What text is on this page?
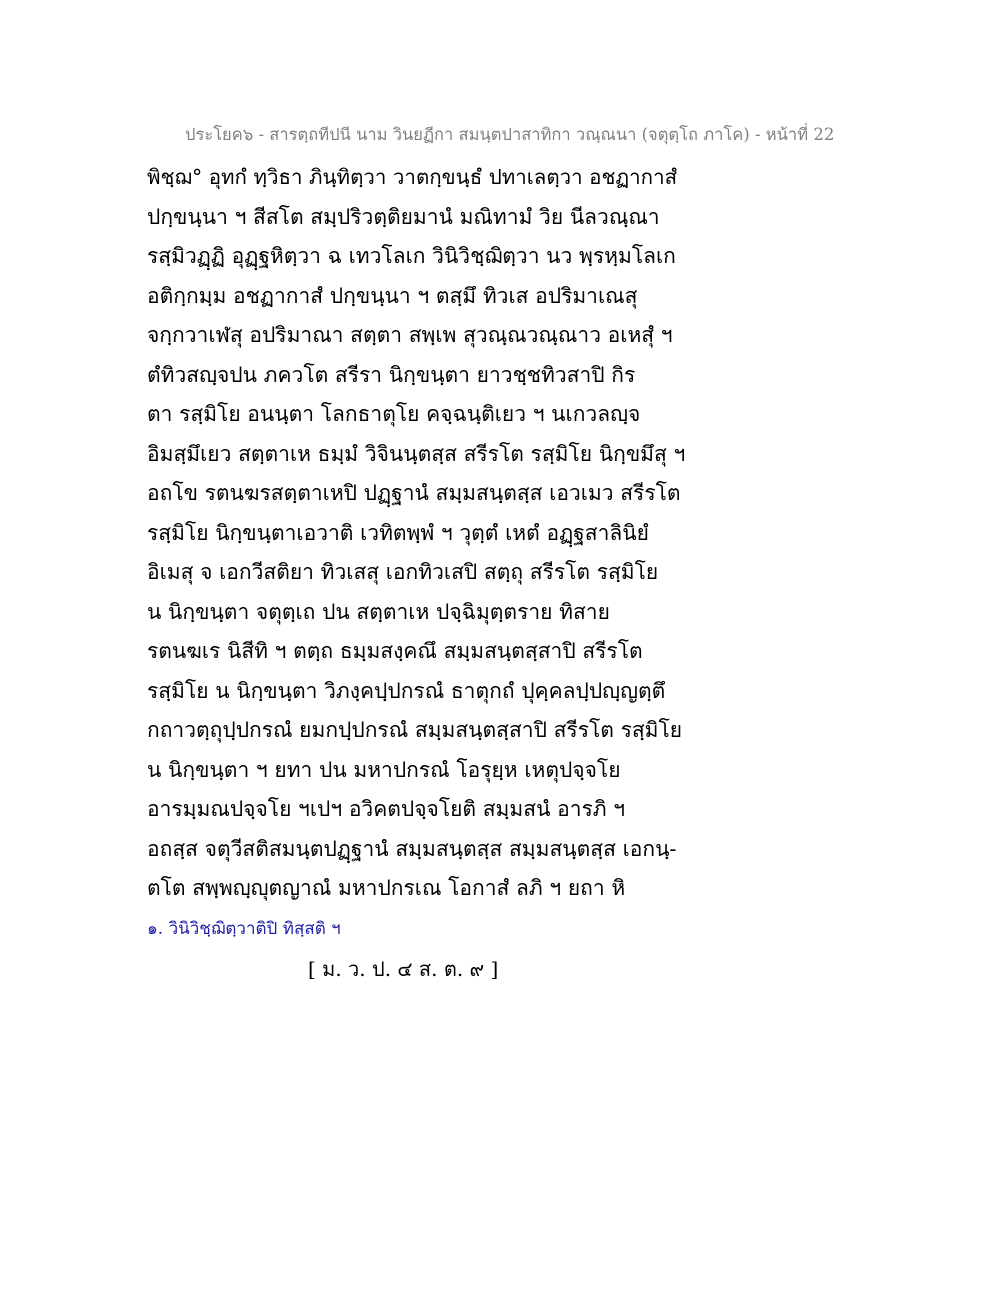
ประโยค๖ - สารตฺถทีปนี นาม วินยฏีกา สมนฺตปาสาทิกา วณฺณนา (จตุตฺโถ ภาโค) - หน้าที่ 22
พิชฺฌ° อุทกํ ทฺวิธา ภินฺทิตฺวา วาตกฺขนฺธํ ปทาเลตฺวา อชฏากาสํ
ปกฺขนฺนา ฯ สีสโต สมฺปริวตฺติยมานํ มณิทามํ วิย นีลวณฺณา
รสฺมิวฏฺฏิ อุฏฺฐหิตฺวา ฉ เทวโลเก วินิวิชฺฌิตฺวา นว พฺรหฺมโลเก
อติกฺกมฺม อชฏากาสํ ปกฺขนฺนา ฯ ตสฺมึ ทิวเส อปริมาเณสุ
จกฺกวาเฬสุ อปริมาณา สตฺตา สพฺเพ สุวณฺณวณฺณาว อเหสุํ ฯ
ตํทิวสญฺจปน ภควโต สรีรา นิกฺขนฺตา ยาวชฺชทิวสาปิ กิร
ตา รสฺมิโย อนนฺตา โลกธาตุโย คจฺฉนฺติเยว ฯ นเกวลญฺจ
อิมสฺมึเยว สตฺตาเห ธมฺมํ วิจินนฺตสฺส สรีรโต รสฺมิโย นิกฺขมึสุ ฯ
อถโข รตนฆรสตฺตาเหปิ ปฏฺฐานํ สมฺมสนฺตสฺส เอวเมว สรีรโต
รสฺมิโย นิกฺขนฺตาเอวาติ เวทิตพฺพํ ฯ วุตฺตํ เหตํ อฏฺฐสาลินิยํ
อิเมสุ จ เอกวีสติยา ทิวเสสุ เอกทิวเสปิ สตฺถุ สรีรโต รสฺมิโย
น นิกฺขนฺตา จตุตฺเถ ปน สตฺตาเห ปจฺฉิมุตฺตราย ทิสาย
รตนฆเร นิสีทิ ฯ ตตฺถ ธมฺมสงฺคณึ สมฺมสนฺตสฺสาปิ สรีรโต
รสฺมิโย น นิกฺขนฺตา วิภงฺคปฺปกรณํ ธาตุกถํ ปุคฺคลปฺปญฺญตฺตึ
กถาวตฺถุปฺปกรณํ ยมกปฺปกรณํ สมฺมสนฺตสฺสาปิ สรีรโต รสฺมิโย
น นิกฺขนฺตา ฯ ยทา ปน มหาปกรณํ โอรุยฺห เหตุปจฺจโย
อารมฺมณปจฺจโย ฯเปฯ อวิคตปจฺจโยติ สมฺมสนํ อารภิ ฯ
อถสฺส จตุวีสติสมนฺตปฏฺฐานํ สมฺมสนฺตสฺส สมฺมสนฺตสฺส เอกนฺ-
ตโต สพฺพญฺญุตญาณํ มหาปกรเณ โอกาสํ ลภิ ฯ ยถา หิ
๑. วินิวิชฺฌิตฺวาติปิ ทิสฺสติ ฯ
[ ม. ว. ป. ๔ ส. ต. ๙ ]
